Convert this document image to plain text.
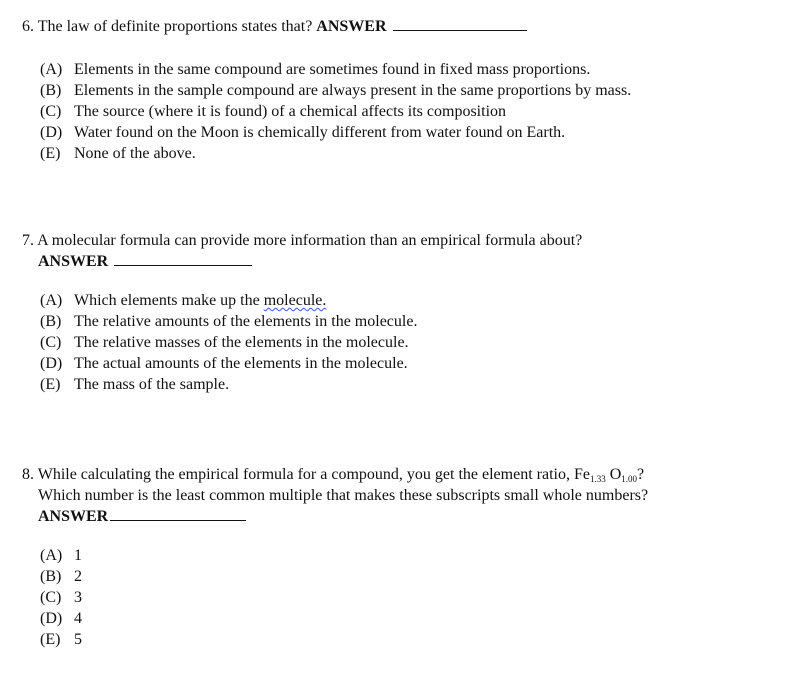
6. The law of definite proportions states that? ANSWER
(A) Elements in the same compound are sometimes found in fixed mass proportions.
(B) Elements in the sample compound are always present in the same proportions by mass.
(C) The source (where it is found) of a chemical affects its composition
(D) Water found on the Moon is chemically different from water found on Earth.
(E) None of the above.
7. A molecular formula can provide more information than an empirical formula about?
ANSWER
(A) Which elements make up the molecule.
(B) The relative amounts of the elements in the molecule.
(C) The relative masses of the elements in the molecule.
(D) The actual amounts of the elements in the molecule.
(E) The mass of the sample.
8. While calculating the empirical formula for a compound, you get the element ratio, $Fe_{1.33}$ $O_{1.00}$?
Which number is the least common multiple that makes these subscripts small whole numbers?
ANSWER
(A) 1
(B) 2
(C) 3
(D) 4
(E) 5
